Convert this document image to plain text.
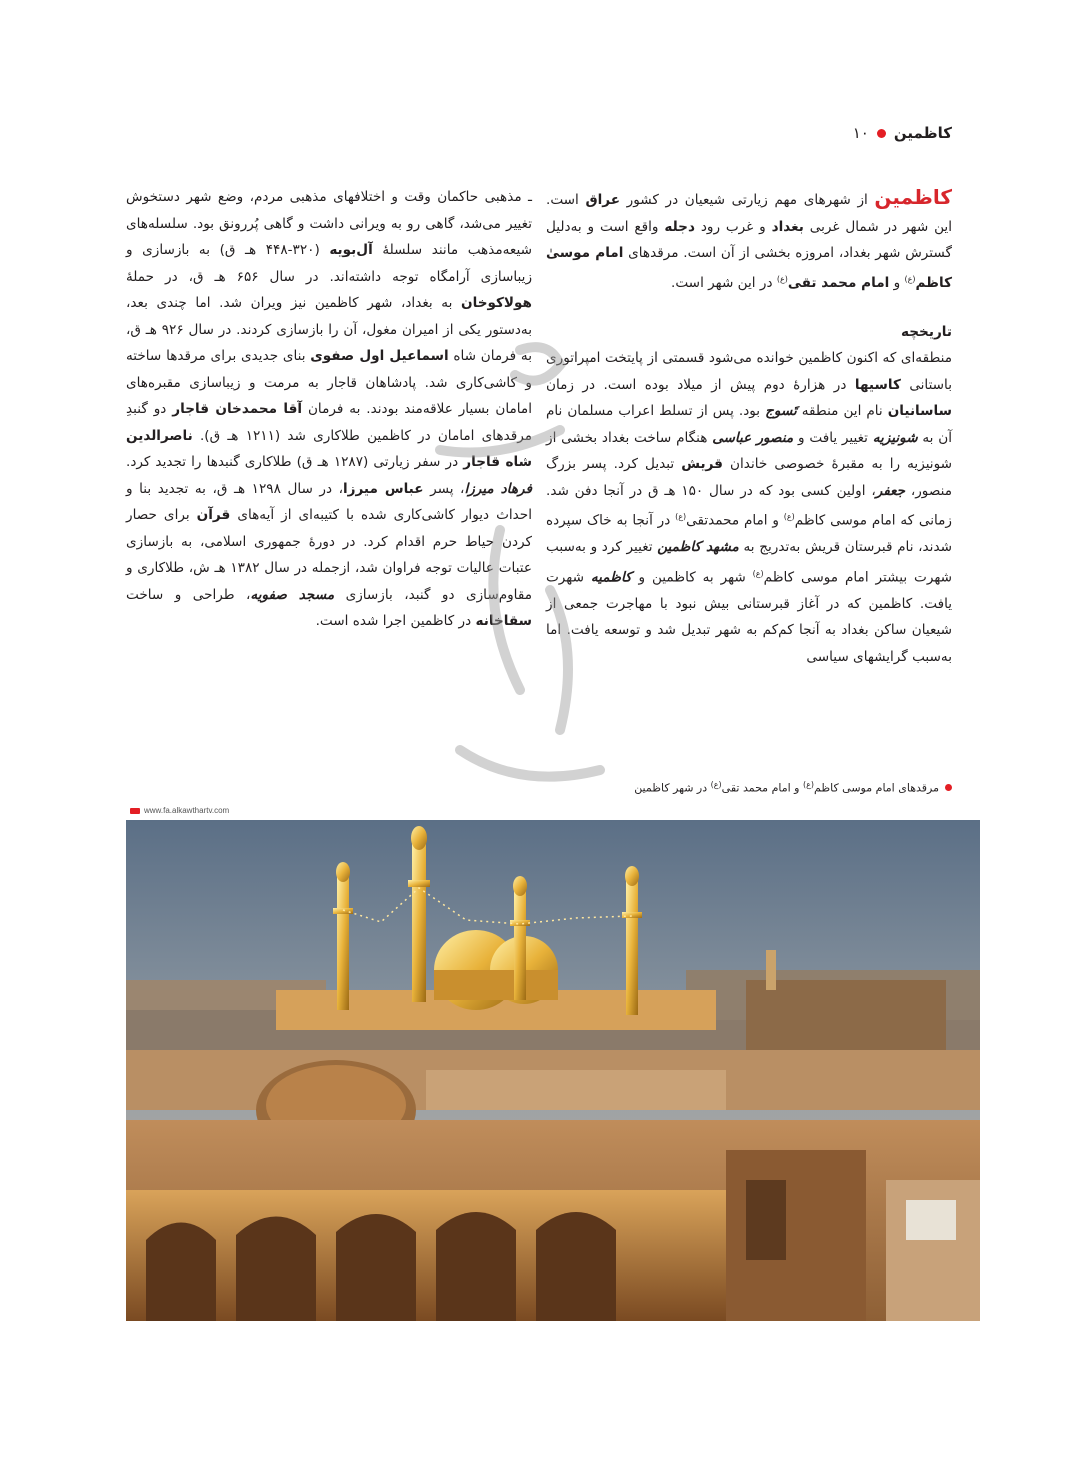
کاظمین
۱۰

کاظمین از شهرهای مهم زیارتی شیعیان در کشور عراق است. این شهر در شمال غربی بغداد و غرب رود دجله واقع است و به‌دلیل گسترش شهر بغداد، امروزه بخشی از آن است. مرقدهای امام موسیٰ کاظم$^{(ع)}$ و امام محمد تقی$^{(ع)}$ در این شهر است.

تاریخچه

منطقه‌ای که اکنون کاظمین خوانده می‌شود قسمتی از پایتخت امپراتوری باستانی کاسیها در هزارهٔ دوم پیش از میلاد بوده است. در زمان ساسانیان نام این منطقه تَسوج بود. پس از تسلط اعراب مسلمان نام آن به شونیزیه تغییر یافت و منصور عباسی هنگام ساخت بغداد بخشی از شونیزیه را به مقبرهٔ خصوصی خاندان قریش تبدیل کرد. پسر بزرگ منصور، جعفر، اولین کسی بود که در سال ۱۵۰ هـ ق در آنجا دفن شد. زمانی که امام موسی کاظم$^{(ع)}$ و امام محمدتقی$^{(ع)}$ در آنجا به خاک سپرده شدند، نام قبرستان قریش به‌تدریج به مشهد کاظمین تغییر کرد و به‌سبب شهرت بیشتر امام موسی کاظم$^{(ع)}$ شهر به کاظمین و کاظمیه شهرت یافت. کاظمین که در آغاز قبرستانی بیش نبود با مهاجرت جمعی از شیعیان ساکن بغداد به آنجا کم‌کم به شهر تبدیل شد و توسعه یافت. اما به‌سبب گرایشهای سیاسی

ـ مذهبی حاکمان وقت و اختلافهای مذهبی مردم، وضع شهر دستخوش تغییر می‌شد، گاهی رو به ویرانی داشت و گاهی پُررونق بود. سلسله‌های شیعه‌مذهب مانند سلسلهٔ آل‌بویه (۳۲۰-۴۴۸ هـ ق) به بازسازی و زیباسازی آرامگاه توجه داشته‌اند. در سال ۶۵۶ هـ ق، در حملهٔ هولاکوخان به بغداد، شهر کاظمین نیز ویران شد. اما چندی بعد، به‌دستور یکی از امیران مغول، آن را بازسازی کردند. در سال ۹۲۶ هـ ق، به فرمان شاه اسماعیل اول صفوی بنای جدیدی برای مرقدها ساخته و کاشی‌کاری شد. پادشاهان قاجار به مرمت و زیباسازی مقبره‌های امامان بسیار علاقه‌مند بودند. به فرمان آقا محمدخان قاجار دو گنبدِ مرقدهای امامان در کاظمین طلاکاری شد (۱۲۱۱ هـ ق). ناصرالدین شاه قاجار در سفر زیارتی (۱۲۸۷ هـ ق) طلاکاری گنبدها را تجدید کرد. فرهاد میرزا، پسر عباس میرزا، در سال ۱۲۹۸ هـ ق، به تجدید بنا و احداث دیوار کاشی‌کاری شده با کتیبه‌ای از آیه‌های قرآن برای حصار کردن حیاط حرم اقدام کرد. در دورهٔ جمهوری اسلامی، به بازسازی عتبات عالیات توجه فراوان شد، ازجمله در سال ۱۳۸۲ هـ ش، طلاکاری و مقاوم‌سازی دو گنبد، بازسازی مسجد صفویه، طراحی و ساخت سقاخانه در کاظمین اجرا شده است.

مرقدهای امام موسی کاظم$^{(ع)}$ و امام محمد تقی$^{(ع)}$ در شهر کاظمین
www.fa.alkawthartv.com
